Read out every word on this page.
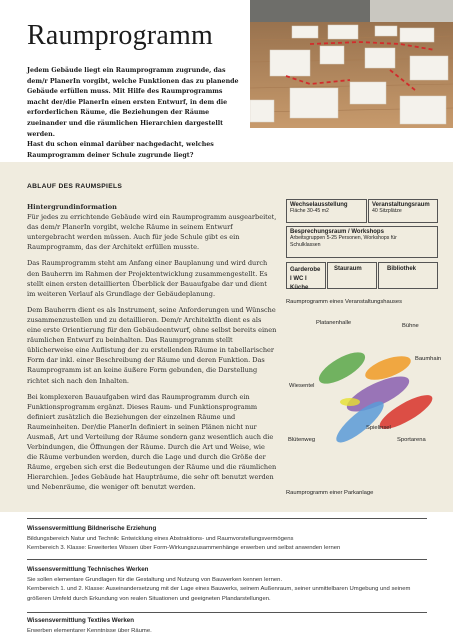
Raumprogramm

Jedem Gebäude liegt ein Raumprogramm zugrunde, das dem/r PlanerIn vorgibt, welche Funktionen das zu planende Gebäude erfüllen muss. Mit Hilfe des Raumprogramms macht der/die PlanerIn einen ersten Entwurf, in dem die erforderlichen Räume, die Beziehungen der Räume zueinander und die räumlichen Hierarchien dargestellt werden.

Hast du schon einmal darüber nachgedacht, welches Raumprogramm deiner Schule zugrunde liegt?

ABLAUF DES RAUMSPIELS

Hintergrundinformation

Für jedes zu errichtende Gebäude wird ein Raumprogramm ausgearbeitet, das dem/r PlanerIn vorgibt, welche Räume in seinem Entwurf untergebracht werden müssen. Auch für jede Schule gibt es ein Raumprogramm, das der Architekt erfüllen musste.

Das Raumprogramm steht am Anfang einer Bauplanung und wird durch den Bauherrn im Rahmen der Projektentwicklung zusammengestellt. Es stellt einen ersten detaillierten Überblick der Bauaufgabe dar und dient im weiteren Verlauf als Grundlage der Gebäudeplanung.

Dem Bauherrn dient es als Instrument, seine Anforderungen und Wünsche zusammenzustellen und zu detaillieren. Dem/r ArchitektIn dient es als eine erste Orientierung für den Gebäudeentwurf, ohne selbst bereits einen räumlichen Entwurf zu beinhalten. Das Raumprogramm stellt üblicherweise eine Auflistung der zu erstellenden Räume in tabellarischer Form dar inkl. einer Beschreibung der Räume und deren Funktion. Das Raumprogramm ist an keine äußere Form gebunden, die Darstellung richtet sich nach den Inhalten.

Bei komplexeren Bauaufgaben wird das Raumprogramm durch ein Funktionsprogramm ergänzt. Dieses Raum- und Funktionsprogramm definiert zusätzlich die Beziehungen der einzelnen Räume und Raumeinheiten. Der/die PlanerIn definiert in seinen Plänen nicht nur Ausmaß, Art und Verteilung der Räume sondern ganz wesentlich auch die Verbindungen, die Öffnungen der Räume. Durch die Art und Weise, wie die Räume verbunden werden, durch die Lage und durch die Größe der Räume, ergeben sich erst die Bedeutungen der Räume und die räumlichen Hierarchien. Jedes Gebäude hat Haupträume, die sehr oft benutzt werden und Nebenräume, die weniger oft benutzt werden.

Wechselausstellung
Fläche 30-45 m2
Veranstaltungsraum
40 Sitzplätze
Besprechungsraum / Workshops
Arbeitsgruppen 5-25 Personen, Workshops für Schulklassen
Garderobe I WC I Küche
Stauraum	Bibliothek
Raumprogramm eines Veranstaltungshauses
Platanenhalle	Bühne
Baumhain
Wiesentel
Spielinsel
Sportarena
Blütenweg
Raumprogramm einer Parkanlage
Wissensvermittlung Bildnerische Erziehung
Bildungsbereich Natur und Technik: Entwicklung eines Abstraktions- und Raumvorstellungsvermögens
Kernbereich 3. Klasse: Erweitertes Wissen über Form-Wirkungszusammenhänge erwerben und selbst anwenden lernen
Wissensvermittlung Technisches Werken
Sie sollen elementare Grundlagen für die Gestaltung und Nutzung von Bauwerken kennen lernen.
Kernbereich 1. und 2. Klasse: Auseinandersetzung mit der Lage eines Bauwerks, seinem Außenraum, seiner unmittelbaren Umgebung und seinem größeren Umfeld durch Erkundung von realen Situationen und geeigneten Plandarstellungen.
Wissensvermittlung Textiles Werken
Erwerben elementarer Kenntnisse über Räume.
